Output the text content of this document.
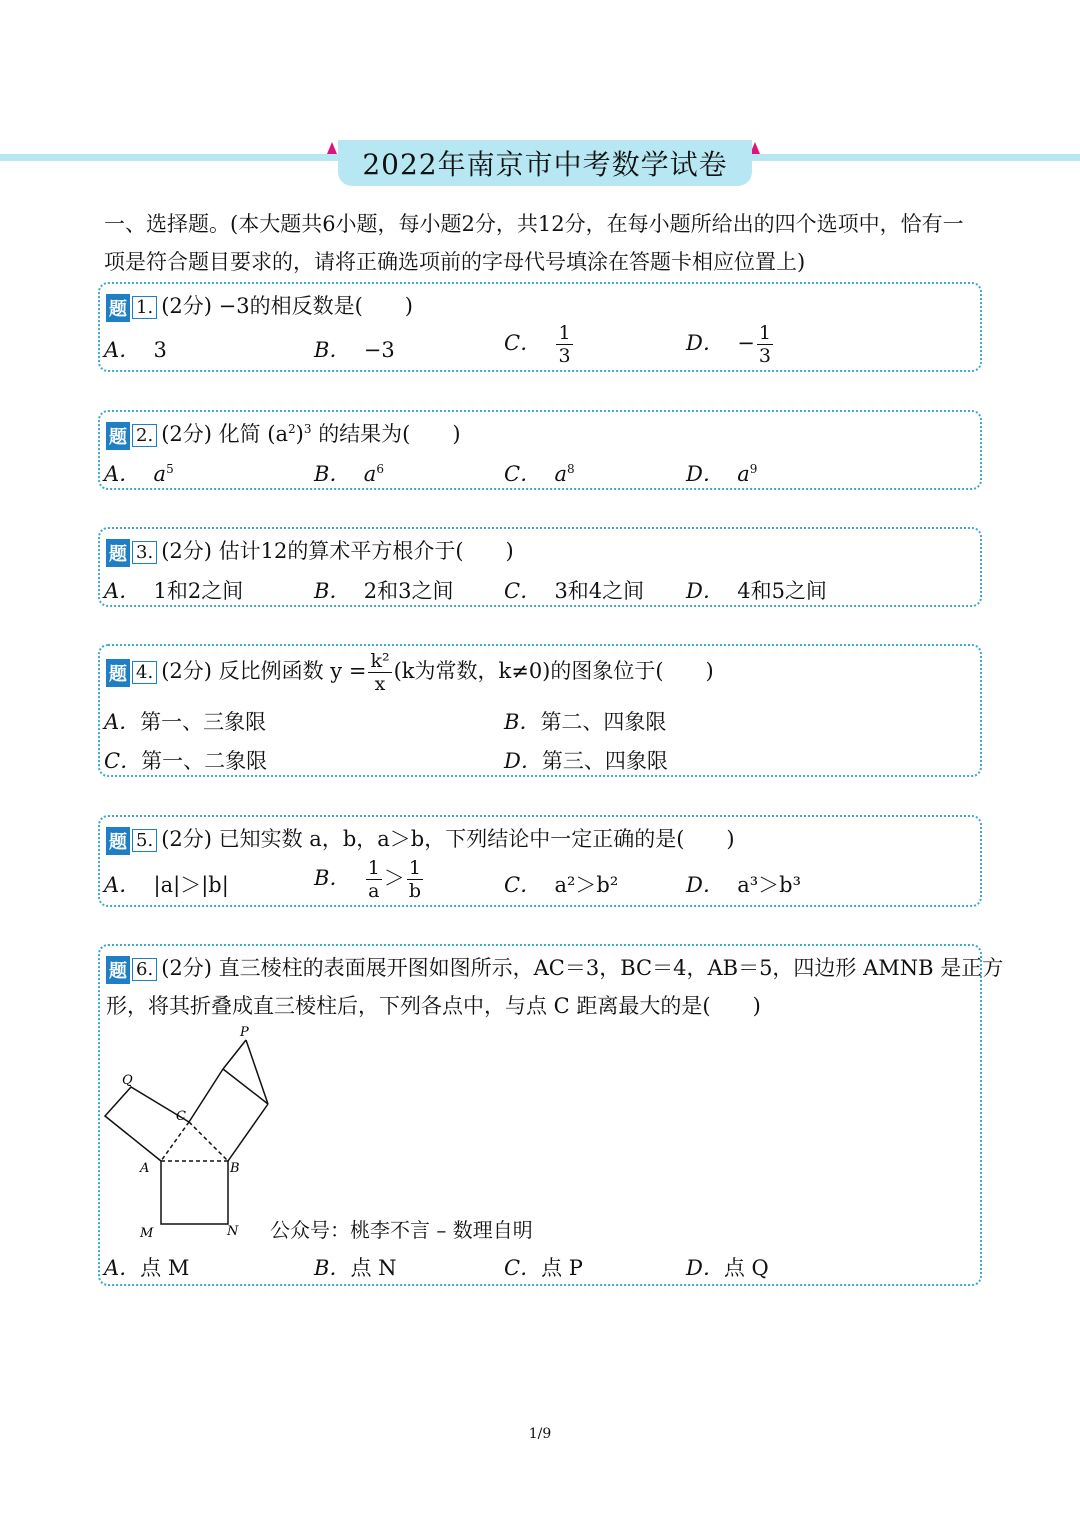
2022年南京市中考数学试卷
一、选择题。(本大题共6小题，每小题2分，共12分，在每小题所给出的四个选项中，恰有一项是符合题目要求的，请将正确选项前的字母代号填涂在答题卡相应位置上)
题 1. (2分) −3的相反数是(　　)
A． 3	B． −3	C． $\frac{1}{3}$	D． − $\frac{1}{3}$
题 2. (2分) 化简 $(a^2)^3$ 的结果为(　　)
A． $a^5$	B． $a^6$	C． $a^8$	D． $a^9$
题 3. (2分) 估计12的算术平方根介于(　　)
A． 1和2之间	B． 2和3之间 C． 3和4之间 D． 4和5之间
题 4. (2分) 反比例函数 $y = \frac{\text{k²}}{x} (k$为常数，k≠0)的图象位于(　　)
A．第一、三象限	B．第二、四象限
C．第一、二象限	D．第三、四象限
题 5. (2分) 已知实数 a，b，a＞b，下列结论中一定正确的是(　　)
A． |a|＞|b|	B． $\frac{1}{a} > \frac{1}{b}$	C． a²＞b²	D． a³＞b³
题 6. (2分) 直三棱柱的表面展开图如图所示，AC＝3，BC＝4，AB＝5，四边形 AMNB 是正方
形，将其折叠成直三棱柱后，下列各点中，与点 C 距离最大的是(　　)
P
Q
C
A	B
M	N
A．点 M	B．点 N	C．点 P	D．点 Q
公众号：桃李不言 – 数理自明
1/9
